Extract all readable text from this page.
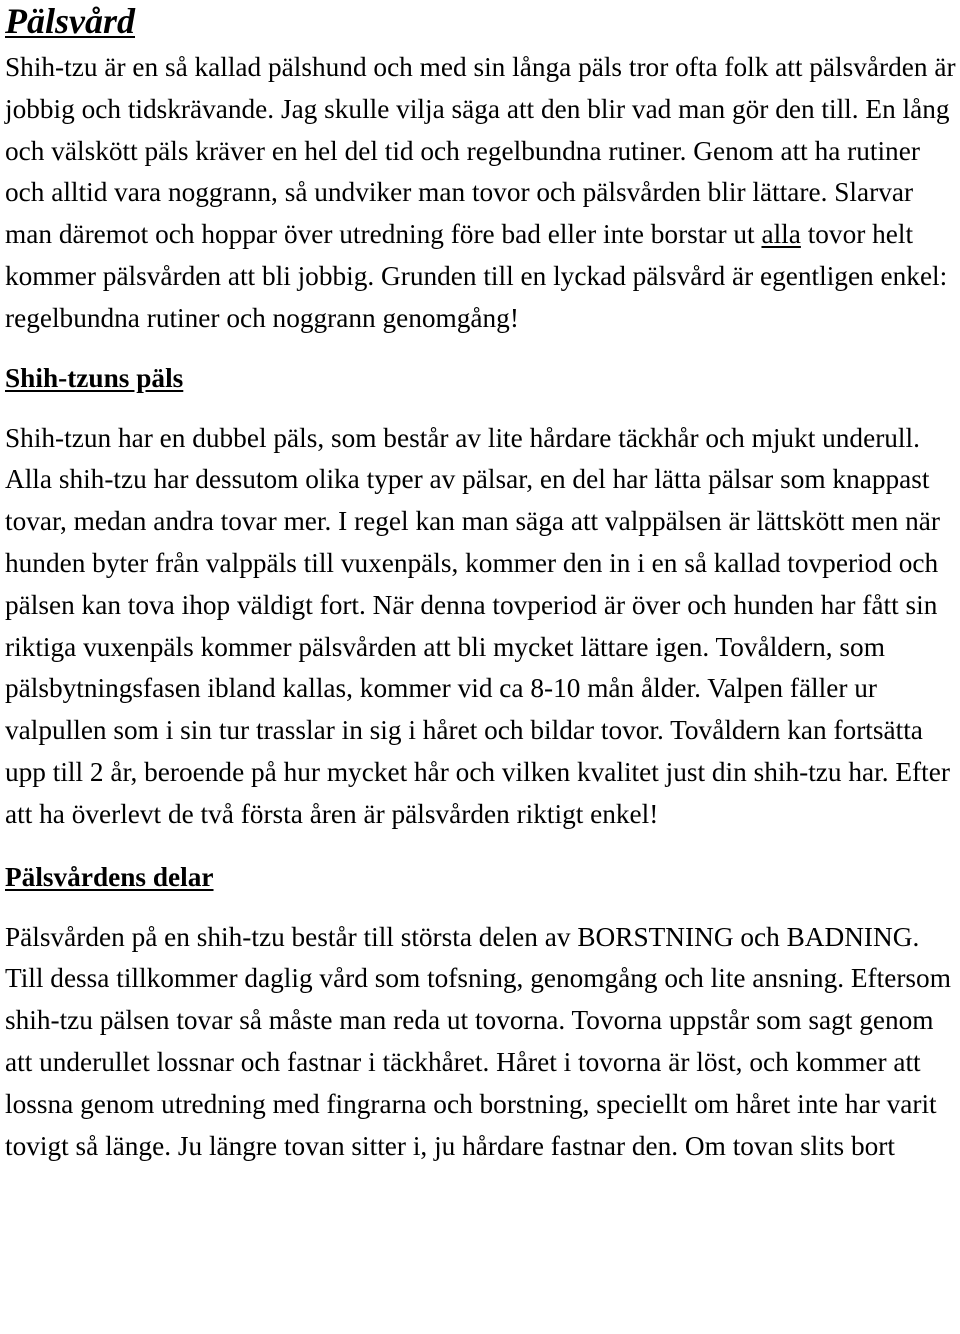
Pälsvård

Shih-tzu är en så kallad pälshund och med sin långa päls tror ofta folk att pälsvården är jobbig och tidskrävande. Jag skulle vilja säga att den blir vad man gör den till. En lång och välskött päls kräver en hel del tid och regelbundna rutiner. Genom att ha rutiner och alltid vara noggrann, så undviker man tovor och pälsvården blir lättare. Slarvar man däremot och hoppar över utredning före bad eller inte borstar ut alla tovor helt kommer pälsvården att bli jobbig. Grunden till en lyckad pälsvård är egentligen enkel: regelbundna rutiner och noggrann genomgång!

Shih-tzuns päls

Shih-tzun har en dubbel päls, som består av lite hårdare täckhår och mjukt underull. Alla shih-tzu har dessutom olika typer av pälsar, en del har lätta pälsar som knappast tovar, medan andra tovar mer. I regel kan man säga att valppälsen är lättskött men när hunden byter från valppäls till vuxenpäls, kommer den in i en så kallad tovperiod och pälsen kan tova ihop väldigt fort. När denna tovperiod är över och hunden har fått sin riktiga vuxenpäls kommer pälsvården att bli mycket lättare igen. Tovåldern, som pälsbytningsfasen ibland kallas, kommer vid ca 8-10 mån ålder. Valpen fäller ur valpullen som i sin tur trasslar in sig i håret och bildar tovor. Tovåldern kan fortsätta upp till 2 år, beroende på hur mycket hår och vilken kvalitet just din shih-tzu har. Efter att ha överlevt de två första åren är pälsvården riktigt enkel!

Pälsvårdens delar

Pälsvården på en shih-tzu består till största delen av BORSTNING och BADNING. Till dessa tillkommer daglig vård som tofsning, genomgång och lite ansning. Eftersom shih-tzu pälsen tovar så måste man reda ut tovorna. Tovorna uppstår som sagt genom att underullet lossnar och fastnar i täckhåret. Håret i tovorna är löst, och kommer att lossna genom utredning med fingrarna och borstning, speciellt om håret inte har varit tovigt så länge. Ju längre tovan sitter i, ju hårdare fastnar den. Om tovan slits bort
